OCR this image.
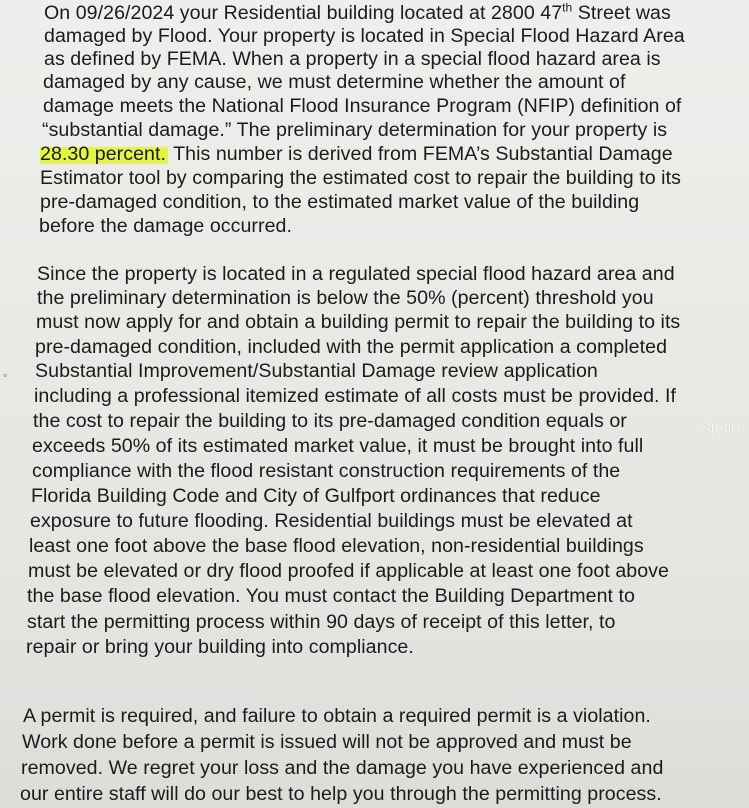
On 09/26/2024 your Residential building located at 2800 47th Street was
damaged by Flood. Your property is located in Special Flood Hazard Area
as defined by FEMA. When a property in a special flood hazard area is
damaged by any cause, we must determine whether the amount of
damage meets the National Flood Insurance Program (NFIP) definition of
“substantial damage.” The preliminary determination for your property is
28.30 percent. This number is derived from FEMA’s Substantial Damage
Estimator tool by comparing the estimated cost to repair the building to its
pre-damaged condition, to the estimated market value of the building
before the damage occurred.
Since the property is located in a regulated special flood hazard area and
the preliminary determination is below the 50% (percent) threshold you
must now apply for and obtain a building permit to repair the building to its
pre-damaged condition, included with the permit application a completed
Substantial Improvement/Substantial Damage review application
including a professional itemized estimate of all costs must be provided. If
the cost to repair the building to its pre-damaged condition equals or
exceeds 50% of its estimated market value, it must be brought into full
compliance with the flood resistant construction requirements of the
Florida Building Code and City of Gulfport ordinances that reduce
exposure to future flooding. Residential buildings must be elevated at
least one foot above the base flood elevation, non-residential buildings
must be elevated or dry flood proofed if applicable at least one foot above
the base flood elevation. You must contact the Building Department to
start the permitting process within 90 days of receipt of this letter, to
repair or bring your building into compliance.
A permit is required, and failure to obtain a required permit is a violation.
Work done before a permit is issued will not be approved and must be
removed. We regret your loss and the damage you have experienced and
our entire staff will do our best to help you through the permitting process.
◦
Stello
